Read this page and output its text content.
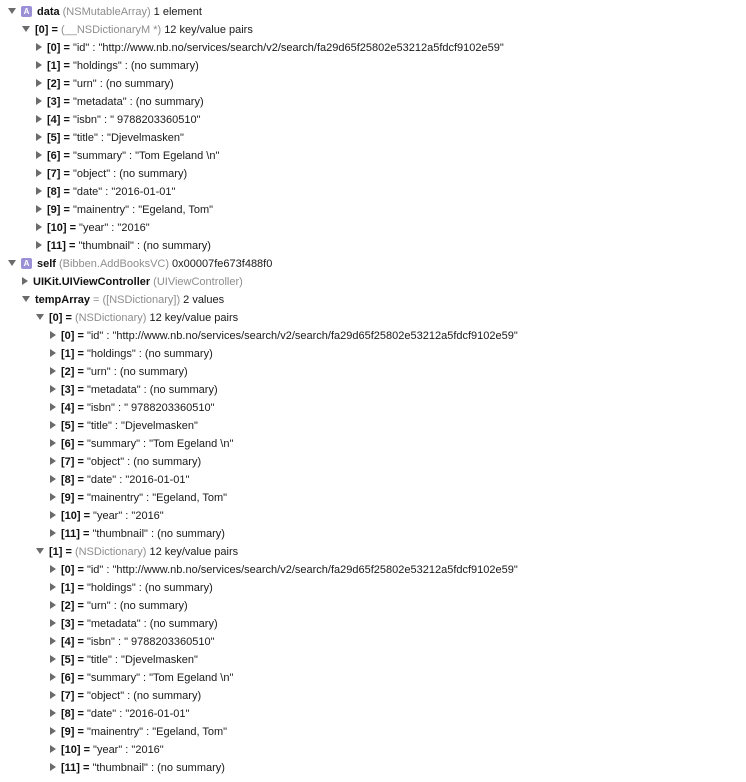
A data (NSMutableArray) 1 element
[0] = (__NSDictionaryM *) 12 key/value pairs
[0] = "id" : "http://www.nb.no/services/search/v2/search/fa29d65f25802e53212a5fdcf9102e59"
[1] = "holdings" : (no summary)
[2] = "urn" : (no summary)
[3] = "metadata" : (no summary)
[4] = "isbn" : " 9788203360510"
[5] = "title" : "Djevelmasken"
[6] = "summary" : "Tom Egeland \n"
[7] = "object" : (no summary)
[8] = "date" : "2016-01-01"
[9] = "mainentry" : "Egeland, Tom"
[10] = "year" : "2016"
[11] = "thumbnail" : (no summary)
A self (Bibben.AddBooksVC) 0x00007fe673f488f0
UIKit.UIViewController (UIViewController)
tempArray = ([NSDictionary]) 2 values
[0] = (NSDictionary) 12 key/value pairs
[0] = "id" : "http://www.nb.no/services/search/v2/search/fa29d65f25802e53212a5fdcf9102e59"
[1] = "holdings" : (no summary)
[2] = "urn" : (no summary)
[3] = "metadata" : (no summary)
[4] = "isbn" : " 9788203360510"
[5] = "title" : "Djevelmasken"
[6] = "summary" : "Tom Egeland \n"
[7] = "object" : (no summary)
[8] = "date" : "2016-01-01"
[9] = "mainentry" : "Egeland, Tom"
[10] = "year" : "2016"
[11] = "thumbnail" : (no summary)
[1] = (NSDictionary) 12 key/value pairs
[0] = "id" : "http://www.nb.no/services/search/v2/search/fa29d65f25802e53212a5fdcf9102e59"
[1] = "holdings" : (no summary)
[2] = "urn" : (no summary)
[3] = "metadata" : (no summary)
[4] = "isbn" : " 9788203360510"
[5] = "title" : "Djevelmasken"
[6] = "summary" : "Tom Egeland \n"
[7] = "object" : (no summary)
[8] = "date" : "2016-01-01"
[9] = "mainentry" : "Egeland, Tom"
[10] = "year" : "2016"
[11] = "thumbnail" : (no summary)
